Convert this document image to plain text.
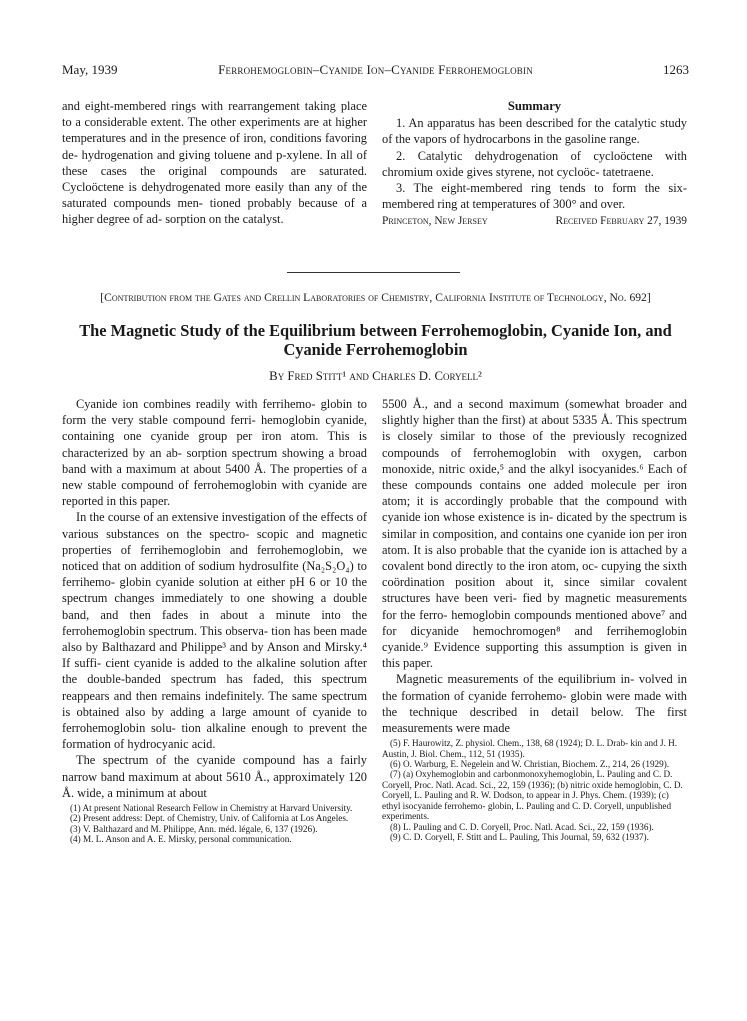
May, 1939	Ferrohemoglobin–Cyanide Ion–Cyanide Ferrohemoglobin	1263

and eight-membered rings with rearrangement taking place to a considerable extent. The other experiments are at higher temperatures and in the presence of iron, conditions favoring de- hydrogenation and giving toluene and p-xylene. In all of these cases the original compounds are saturated. Cycloöctene is dehydrogenated more easily than any of the saturated compounds men- tioned probably because of a higher degree of ad- sorption on the catalyst.

Summary

1. An apparatus has been described for the catalytic study of the vapors of hydrocarbons in the gasoline range.

2. Catalytic dehydrogenation of cycloöctene with chromium oxide gives styrene, not cycloöc- tatetraene.

3. The eight-membered ring tends to form the six-membered ring at temperatures of 300° and over.

Princeton, New Jersey	Received February 27, 1939
[Contribution from the Gates and Crellin Laboratories of Chemistry, California Institute of Technology, No. 692]
The Magnetic Study of the Equilibrium between Ferrohemoglobin, Cyanide Ion, and Cyanide Ferrohemoglobin
By Fred Stitt¹ and Charles D. Coryell²

Cyanide ion combines readily with ferrihemo- globin to form the very stable compound ferri- hemoglobin cyanide, containing one cyanide group per iron atom. This is characterized by an ab- sorption spectrum showing a broad band with a maximum at about 5400 Å. The properties of a new stable compound of ferrohemoglobin with cyanide are reported in this paper.

In the course of an extensive investigation of the effects of various substances on the spectro- scopic and magnetic properties of ferrihemoglobin and ferrohemoglobin, we noticed that on addition of sodium hydrosulfite (Na₂S₂O₄) to ferrihemo- globin cyanide solution at either pH 6 or 10 the spectrum changes immediately to one showing a double band, and then fades in about a minute into the ferrohemoglobin spectrum. This observa- tion has been made also by Balthazard and Philippe³ and by Anson and Mirsky.⁴ If suffi- cient cyanide is added to the alkaline solution after the double-banded spectrum has faded, this spectrum reappears and then remains indefinitely. The same spectrum is obtained also by adding a large amount of cyanide to ferrohemoglobin solu- tion alkaline enough to prevent the formation of hydrocyanic acid.

The spectrum of the cyanide compound has a fairly narrow band maximum at about 5610 Å., approximately 120 Å. wide, a minimum at about

(1) At present National Research Fellow in Chemistry at Harvard University.
(2) Present address: Dept. of Chemistry, Univ. of California at Los Angeles.
(3) V. Balthazard and M. Philippe, Ann. méd. légale, 6, 137 (1926).
(4) M. L. Anson and A. E. Mirsky, personal communication.

5500 Å., and a second maximum (somewhat broader and slightly higher than the first) at about 5335 Å. This spectrum is closely similar to those of the previously recognized compounds of ferrohemoglobin with oxygen, carbon monoxide, nitric oxide,⁵ and the alkyl isocyanides.⁶ Each of these compounds contains one added molecule per iron atom; it is accordingly probable that the compound with cyanide ion whose existence is in- dicated by the spectrum is similar in composition, and contains one cyanide ion per iron atom. It is also probable that the cyanide ion is attached by a covalent bond directly to the iron atom, oc- cupying the sixth coördination position about it, since similar covalent structures have been veri- fied by magnetic measurements for the ferro- hemoglobin compounds mentioned above⁷ and for dicyanide hemochromogen⁸ and ferrihemoglobin cyanide.⁹ Evidence supporting this assumption is given in this paper.

Magnetic measurements of the equilibrium in- volved in the formation of cyanide ferrohemo- globin were made with the technique described in detail below. The first measurements were made

(5) F. Haurowitz, Z. physiol. Chem., 138, 68 (1924); D. L. Drab- kin and J. H. Austin, J. Biol. Chem., 112, 51 (1935).
(6) O. Warburg, E. Negelein and W. Christian, Biochem. Z., 214, 26 (1929).
(7) (a) Oxyhemoglobin and carbonmonoxyhemoglobin, L. Pauling and C. D. Coryell, Proc. Natl. Acad. Sci., 22, 159 (1936); (b) nitric oxide hemoglobin, C. D. Coryell, L. Pauling and R. W. Dodson, to appear in J. Phys. Chem. (1939); (c) ethyl isocyanide ferrohemo- globin, L. Pauling and C. D. Coryell, unpublished experiments.
(8) L. Pauling and C. D. Coryell, Proc. Natl. Acad. Sci., 22, 159 (1936).
(9) C. D. Coryell, F. Stitt and L. Pauling, This Journal, 59, 632 (1937).
